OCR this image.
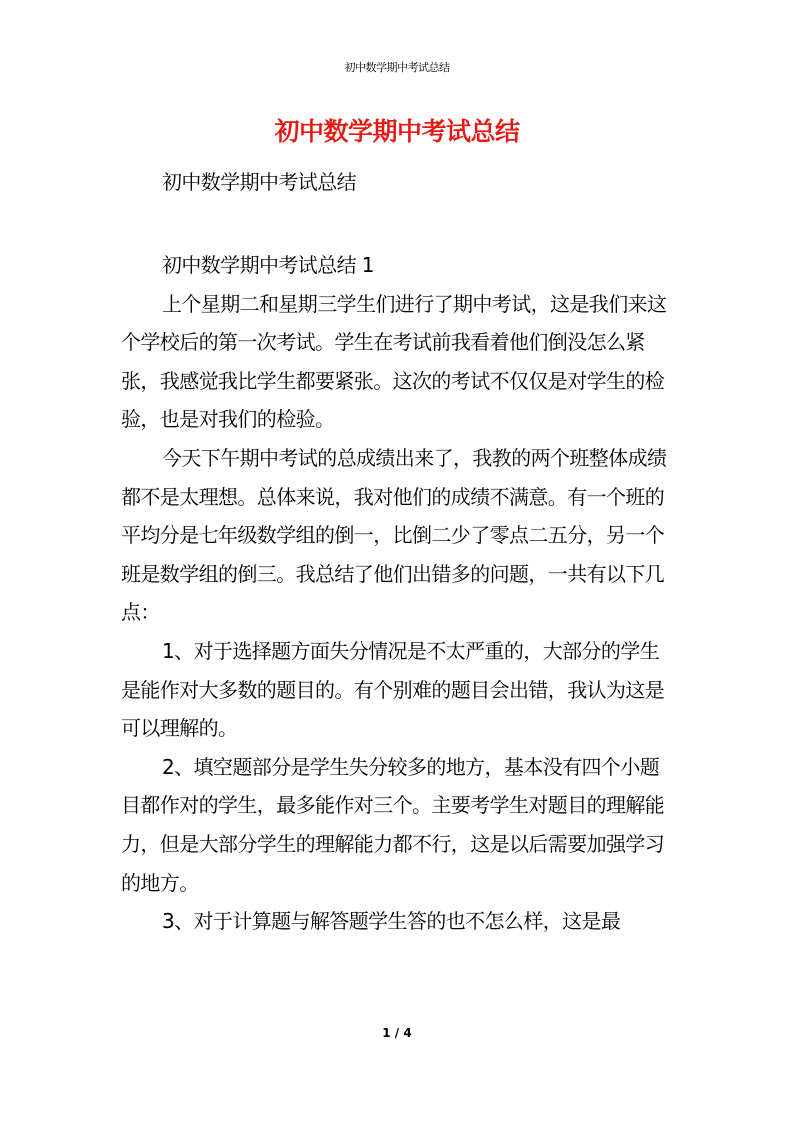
初中数学期中考试总结
初中数学期中考试总结

初中数学期中考试总结

初中数学期中考试总结 1

上个星期二和星期三学生们进行了期中考试，这是我们来这个学校后的第一次考试。学生在考试前我看着他们倒没怎么紧张，我感觉我比学生都要紧张。这次的考试不仅仅是对学生的检验，也是对我们的检验。

今天下午期中考试的总成绩出来了，我教的两个班整体成绩都不是太理想。总体来说，我对他们的成绩不满意。有一个班的平均分是七年级数学组的倒一，比倒二少了零点二五分，另一个班是数学组的倒三。我总结了他们出错多的问题，一共有以下几点：

1、对于选择题方面失分情况是不太严重的，大部分的学生是能作对大多数的题目的。有个别难的题目会出错，我认为这是可以理解的。

2、填空题部分是学生失分较多的地方，基本没有四个小题目都作对的学生，最多能作对三个。主要考学生对题目的理解能力，但是大部分学生的理解能力都不行，这是以后需要加强学习的地方。

3、对于计算题与解答题学生答的也不怎么样，这是最

1 / 4
